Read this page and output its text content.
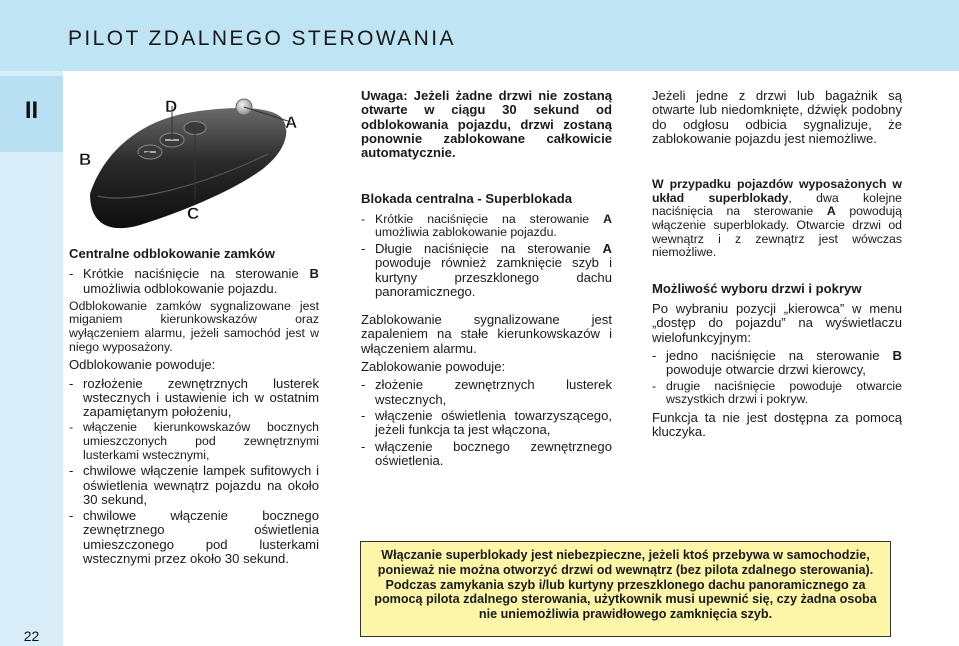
PILOT ZDALNEGO STEROWANIA
II
22
D
A
B
C
Centralne odblokowanie zamków
- Krótkie naciśnięcie na sterowanie B umożliwia odblokowanie pojazdu.

Odblokowanie zamków sygnalizowane jest miganiem kierunkowskazów oraz wyłączeniem alarmu, jeżeli samochód jest w niego wyposażony.

Odblokowanie powoduje:

- rozłożenie zewnętrznych lusterek wstecznych i ustawienie ich w ostatnim zapamiętanym położeniu,
- włączenie kierunkowskazów bocznych umieszczonych pod zewnętrznymi lusterkami wstecznymi,
- chwilowe włączenie lampek sufitowych i oświetlenia wewnątrz pojazdu na około 30 sekund,
- chwilowe włączenie bocznego zewnętrznego oświetlenia umieszczonego pod lusterkami wstecznymi przez około 30 sekund.

Uwaga: Jeżeli żadne drzwi nie zostaną otwarte w ciągu 30 sekund od odblokowania pojazdu, drzwi zostaną ponownie zablokowane całkowicie automatycznie.

Blokada centralna - Superblokada
- Krótkie naciśnięcie na sterowanie A umożliwia zablokowanie pojazdu.
- Długie naciśnięcie na sterowanie A powoduje również zamknięcie szyb i kurtyny przeszklonego dachu panoramicznego.

Zablokowanie sygnalizowane jest zapaleniem na stałe kierunkowskazów i włączeniem alarmu.

Zablokowanie powoduje:

- złożenie zewnętrznych lusterek wstecznych,
- włączenie oświetlenia towarzyszącego, jeżeli funkcja ta jest włączona,
- włączenie bocznego zewnętrznego oświetlenia.

Jeżeli jedne z drzwi lub bagażnik są otwarte lub niedomknięte, dźwięk podobny do odgłosu odbicia sygnalizuje, że zablokowanie pojazdu jest niemożliwe.

W przypadku pojazdów wyposażonych w układ superblokady, dwa kolejne naciśnięcia na sterowanie A powodują włączenie superblokady. Otwarcie drzwi od wewnątrz i z zewnątrz jest wówczas niemożliwe.

Możliwość wyboru drzwi i pokryw

Po wybraniu pozycji „kierowca” w menu „dostęp do pojazdu” na wyświetlaczu wielofunkcyjnym:

- jedno naciśnięcie na sterowanie B powoduje otwarcie drzwi kierowcy,
- drugie naciśnięcie powoduje otwarcie wszystkich drzwi i pokryw.

Funkcja ta nie jest dostępna za pomocą kluczyka.

Włączanie superblokady jest niebezpieczne, jeżeli ktoś przebywa w samochodzie, ponieważ nie można otworzyć drzwi od wewnątrz (bez pilota zdalnego sterowania).
Podczas zamykania szyb i/lub kurtyny przeszklonego dachu panoramicznego za pomocą pilota zdalnego sterowania, użytkownik musi upewnić się, czy żadna osoba nie uniemożliwia prawidłowego zamknięcia szyb.
